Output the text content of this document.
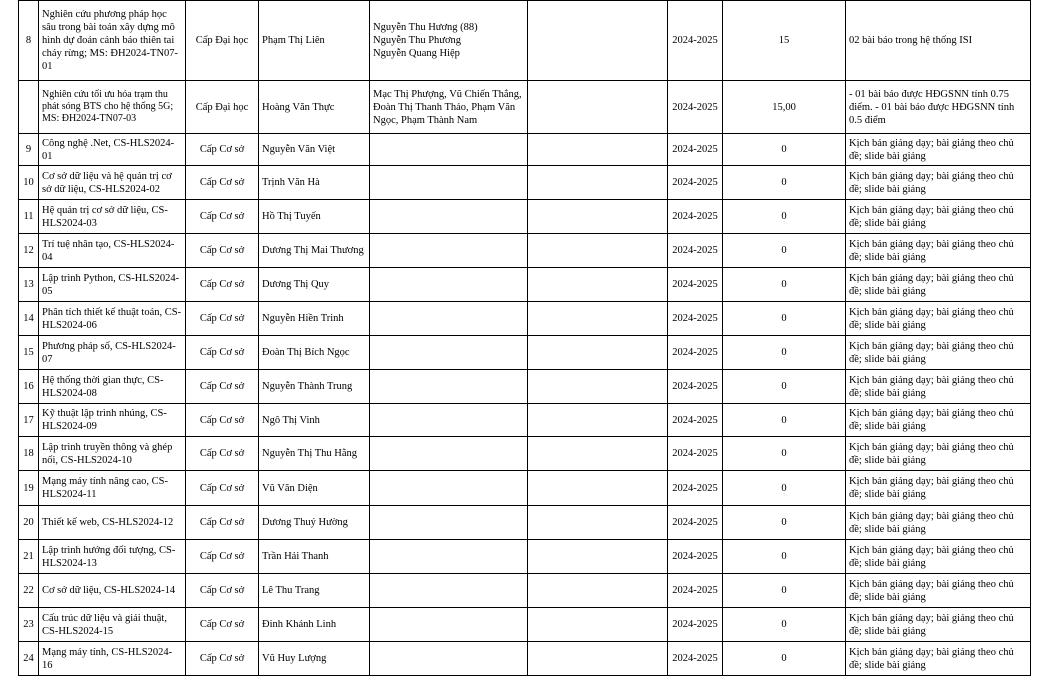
8	Nghiên cứu phương pháp học sâu trong bài toán xây dựng mô hình dự đoán cảnh báo thiên tai cháy rừng; MS: ĐH2024-TN07-01	Cấp Đại học	Phạm Thị Liên	Nguyễn Thu Hương (88)
Nguyễn Thu Phương
Nguyễn Quang Hiệp		2024-2025	15	02 bài báo trong hệ thống ISI

	Nghiên cứu tối ưu hóa trạm thu phát sóng BTS cho hệ thống 5G; MS: ĐH2024-TN07-03	Cấp Đại học	Hoàng Văn Thực	Mạc Thị Phượng, Vũ Chiến Thắng, Đoàn Thị Thanh Thảo, Phạm Văn Ngọc, Phạm Thành Nam		2024-2025	15,00	- 01 bài báo được HĐGSNN tính 0.75 điểm. - 01 bài báo được HĐGSNN tính 0.5 điểm
9	Công nghệ .Net, CS-HLS2024-01	Cấp Cơ sở	Nguyễn Văn Việt			2024-2025	0	Kịch bản giảng dạy; bài giảng theo chủ đề; slide bài giảng
10	Cơ sở dữ liệu và hệ quản trị cơ sở dữ liệu, CS-HLS2024-02	Cấp Cơ sở	Trịnh Văn Hà			2024-2025	0	Kịch bản giảng dạy; bài giảng theo chủ đề; slide bài giảng
11	Hệ quản trị cơ sở dữ liệu, CS-HLS2024-03	Cấp Cơ sở	Hồ Thị Tuyến			2024-2025	0	Kịch bản giảng dạy; bài giảng theo chủ đề; slide bài giảng
12	Trí tuệ nhân tạo, CS-HLS2024-04	Cấp Cơ sở	Dương Thị Mai Thương			2024-2025	0	Kịch bản giảng dạy; bài giảng theo chủ đề; slide bài giảng
13	Lập trình Python, CS-HLS2024-05	Cấp Cơ sở	Dương Thị Quy			2024-2025	0	Kịch bản giảng dạy; bài giảng theo chủ đề; slide bài giảng
14	Phân tích thiết kế thuật toán, CS-HLS2024-06	Cấp Cơ sở	Nguyễn Hiền Trinh			2024-2025	0	Kịch bản giảng dạy; bài giảng theo chủ đề; slide bài giảng
15	Phương pháp số, CS-HLS2024-07	Cấp Cơ sở	Đoàn Thị Bích Ngọc			2024-2025	0	Kịch bản giảng dạy; bài giảng theo chủ đề; slide bài giảng
16	Hệ thống thời gian thực, CS-HLS2024-08	Cấp Cơ sở	Nguyễn Thành Trung			2024-2025	0	Kịch bản giảng dạy; bài giảng theo chủ đề; slide bài giảng
17	Kỹ thuật lập trình nhúng, CS-HLS2024-09	Cấp Cơ sở	Ngô Thị Vinh			2024-2025	0	Kịch bản giảng dạy; bài giảng theo chủ đề; slide bài giảng
18	Lập trình truyền thông và ghép nối, CS-HLS2024-10	Cấp Cơ sở	Nguyễn Thị Thu Hằng			2024-2025	0	Kịch bản giảng dạy; bài giảng theo chủ đề; slide bài giảng
19	Mạng máy tính nâng cao, CS-HLS2024-11	Cấp Cơ sở	Vũ Văn Diện			2024-2025	0	Kịch bản giảng dạy; bài giảng theo chủ đề; slide bài giảng
20	Thiết kế web, CS-HLS2024-12	Cấp Cơ sở	Dương Thuý Hường			2024-2025	0	Kịch bản giảng dạy; bài giảng theo chủ đề; slide bài giảng
21	Lập trình hướng đối tượng, CS-HLS2024-13	Cấp Cơ sở	Trần Hải Thanh			2024-2025	0	Kịch bản giảng dạy; bài giảng theo chủ đề; slide bài giảng
22	Cơ sở dữ liệu, CS-HLS2024-14	Cấp Cơ sở	Lê Thu Trang			2024-2025	0	Kịch bản giảng dạy; bài giảng theo chủ đề; slide bài giảng
23	Cấu trúc dữ liệu và giải thuật, CS-HLS2024-15	Cấp Cơ sở	Đinh Khánh Linh			2024-2025	0	Kịch bản giảng dạy; bài giảng theo chủ đề; slide bài giảng
24	Mạng máy tính, CS-HLS2024-16	Cấp Cơ sở	Vũ Huy Lượng			2024-2025	0	Kịch bản giảng dạy; bài giảng theo chủ đề; slide bài giảng
